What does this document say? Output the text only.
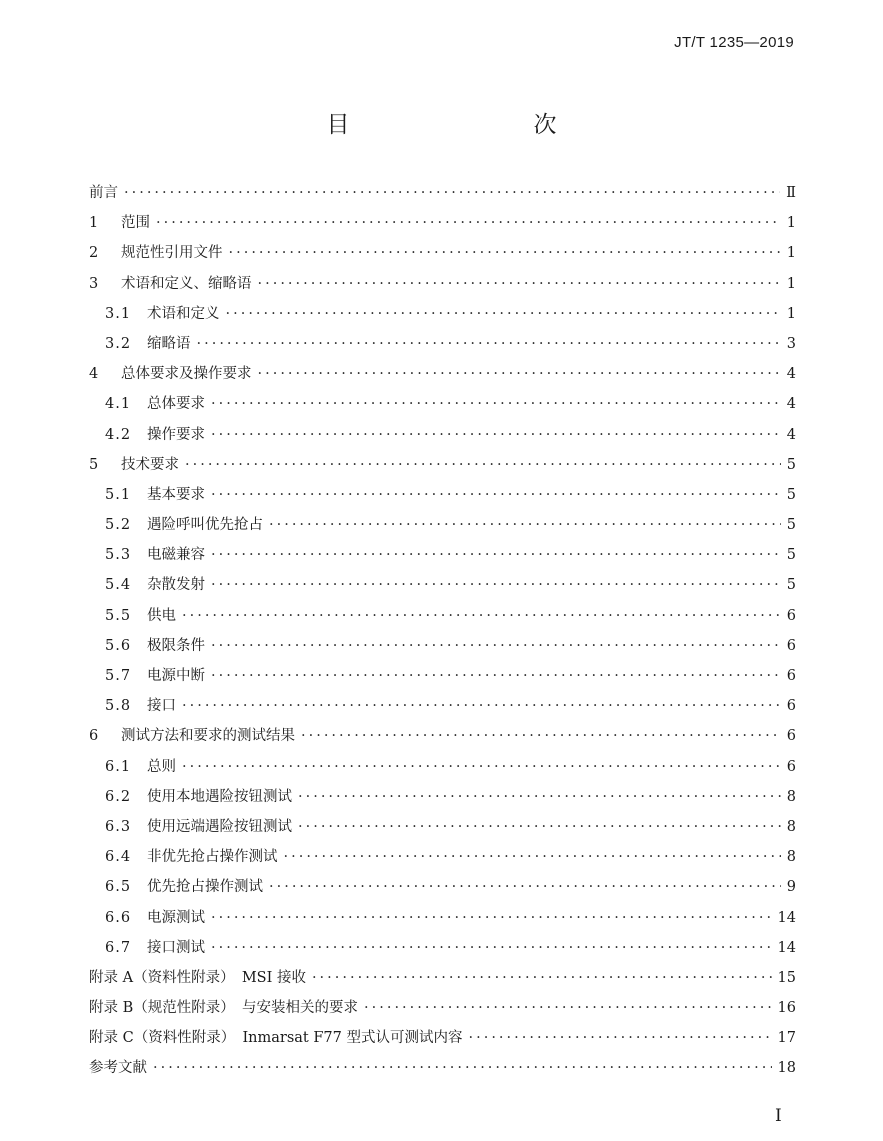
JT/T 1235—2019
目　　次
前言 ·····	Ⅱ
1	范围 ·····	1
2	规范性引用文件 ·····	1
3	术语和定义、缩略语 ·····	1
3.1	术语和定义 ·····	1
3.2	缩略语 ·····	3
4	总体要求及操作要求 ·····	4
4.1	总体要求 ·····	4
4.2	操作要求 ·····	4
5	技术要求 ·····	5
5.1	基本要求 ·····	5
5.2	遇险呼叫优先抢占 ·····	5
5.3	电磁兼容 ·····	5
5.4	杂散发射 ·····	5
5.5	供电 ·····	6
5.6	极限条件 ·····	6
5.7	电源中断 ·····	6
5.8	接口 ·····	6
6	测试方法和要求的测试结果 ·····	6
6.1	总则 ·····	6
6.2	使用本地遇险按钮测试 ·····	8
6.3	使用远端遇险按钮测试 ·····	8
6.4	非优先抢占操作测试 ·····	8
6.5	优先抢占操作测试 ·····	9
6.6	电源测试 ·····	14
6.7	接口测试 ·····	14
附录 A（资料性附录）　MSI 接收 ·····	15
附录 B（规范性附录）　与安装相关的要求 ·····	16
附录 C（资料性附录）　Inmarsat F77 型式认可测试内容 ·····	17
参考文献 ·····	18
I
